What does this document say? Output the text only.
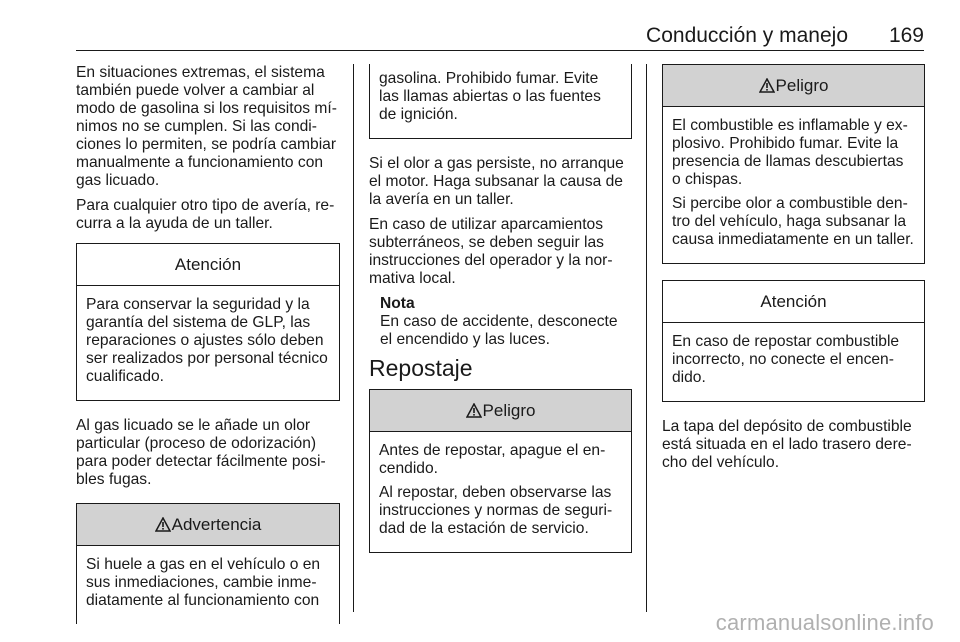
Conducción y manejo 169

En situaciones extremas, el sistema también puede volver a cambiar al modo de gasolina si los requisitos mínimos no se cumplen. Si las condiciones lo permiten, se podría cambiar manualmente a funcionamiento con gas licuado.

Para cualquier otro tipo de avería, recurra a la ayuda de un taller.

Atención

Para conservar la seguridad y la garantía del sistema de GLP, las reparaciones o ajustes sólo deben ser realizados por personal técnico cualificado.

Al gas licuado se le añade un olor particular (proceso de odorización) para poder detectar fácilmente posibles fugas.

Advertencia

Si huele a gas en el vehículo o en sus inmediaciones, cambie inmediatamente al funcionamiento con

gasolina. Prohibido fumar. Evite las llamas abiertas o las fuentes de ignición.

Si el olor a gas persiste, no arranque el motor. Haga subsanar la causa de la avería en un taller.

En caso de utilizar aparcamientos subterráneos, se deben seguir las instrucciones del operador y la normativa local.

Nota
En caso de accidente, desconecte el encendido y las luces.
Repostaje
Peligro

Antes de repostar, apague el encendido.

Al repostar, deben observarse las instrucciones y normas de seguridad de la estación de servicio.

Peligro

El combustible es inflamable y explosivo. Prohibido fumar. Evite la presencia de llamas descubiertas o chispas.

Si percibe olor a combustible dentro del vehículo, haga subsanar la causa inmediatamente en un taller.

Atención

En caso de repostar combustible incorrecto, no conecte el encendido.

La tapa del depósito de combustible está situada en el lado trasero derecho del vehículo.

carmanualsonline.info
